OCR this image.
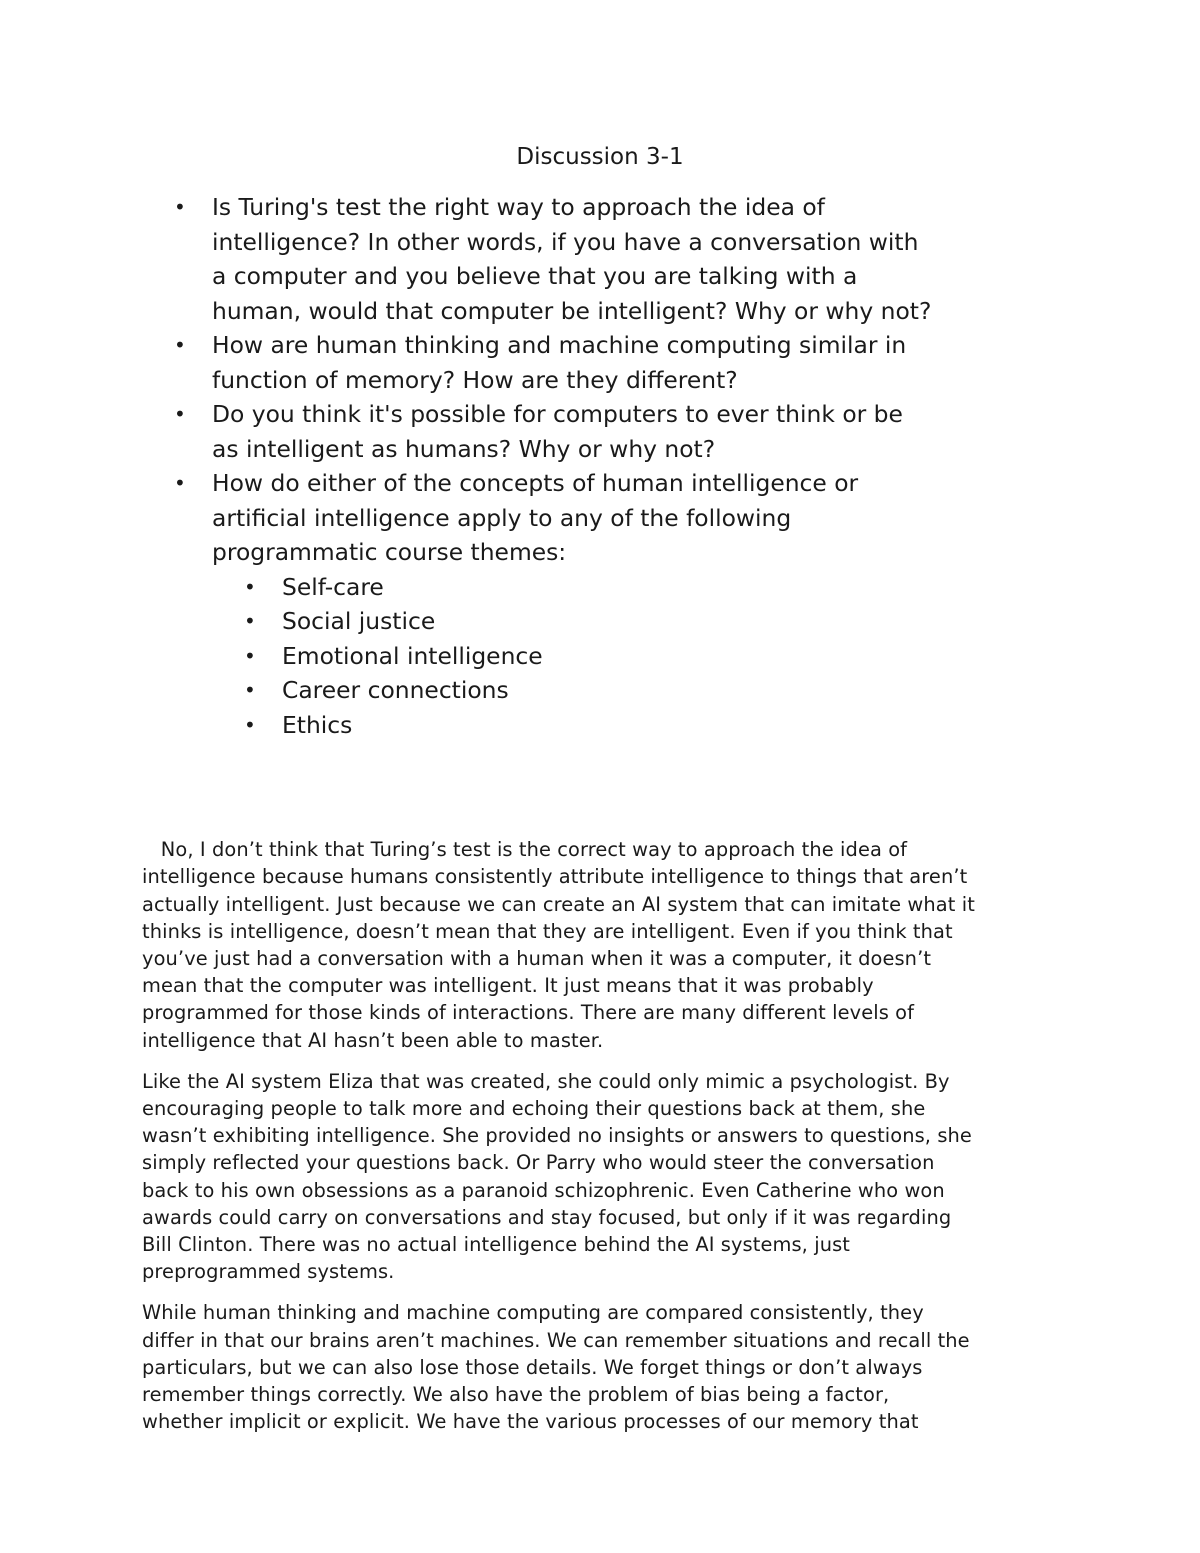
Discussion 3-1
• Is Turing's test the right way to approach the idea of
intelligence? In other words, if you have a conversation with
a computer and you believe that you are talking with a
human, would that computer be intelligent? Why or why not?
• How are human thinking and machine computing similar in
function of memory? How are they different?
• Do you think it's possible for computers to ever think or be
as intelligent as humans? Why or why not?
• How do either of the concepts of human intelligence or
artificial intelligence apply to any of the following
programmatic course themes:
• Self-care
• Social justice
• Emotional intelligence
• Career connections
• Ethics

No, I don’t think that Turing’s test is the correct way to approach the idea of
intelligence because humans consistently attribute intelligence to things that aren’t
actually intelligent. Just because we can create an AI system that can imitate what it
thinks is intelligence, doesn’t mean that they are intelligent. Even if you think that
you’ve just had a conversation with a human when it was a computer, it doesn’t
mean that the computer was intelligent. It just means that it was probably
programmed for those kinds of interactions. There are many different levels of
intelligence that AI hasn’t been able to master.

Like the AI system Eliza that was created, she could only mimic a psychologist. By
encouraging people to talk more and echoing their questions back at them, she
wasn’t exhibiting intelligence. She provided no insights or answers to questions, she
simply reflected your questions back. Or Parry who would steer the conversation
back to his own obsessions as a paranoid schizophrenic. Even Catherine who won
awards could carry on conversations and stay focused, but only if it was regarding
Bill Clinton. There was no actual intelligence behind the AI systems, just
preprogrammed systems.

While human thinking and machine computing are compared consistently, they
differ in that our brains aren’t machines. We can remember situations and recall the
particulars, but we can also lose those details. We forget things or don’t always
remember things correctly. We also have the problem of bias being a factor,
whether implicit or explicit. We have the various processes of our memory that
